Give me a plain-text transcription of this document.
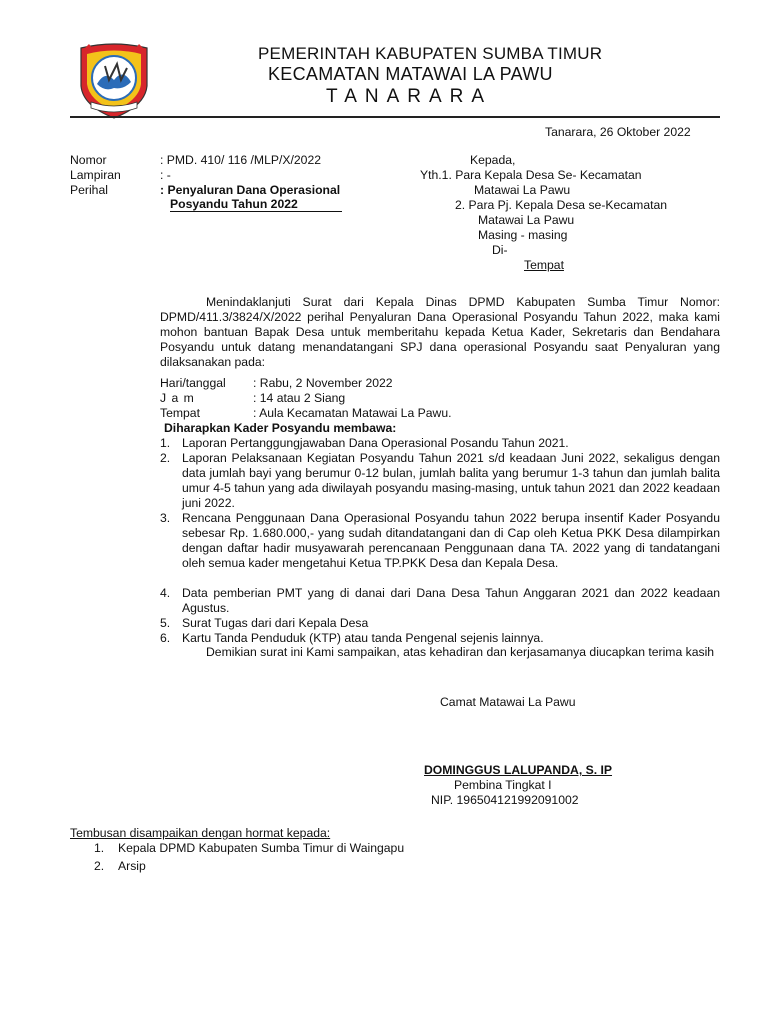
PEMERINTAH KABUPATEN SUMBA TIMUR
KECAMATAN MATAWAI LA PAWU
TANARARA
Tanarara, 26 Oktober 2022
Nomor	: PMD. 410/ 116 /MLP/X/2022
Lampiran	: -
Perihal	: Penyaluran Dana Operasional
Posyandu Tahun 2022
Kepada,
Yth.1. Para Kepala Desa Se- Kecamatan
Matawai La Pawu
2. Para Pj. Kepala Desa se-Kecamatan
Matawai La Pawu
Masing - masing
Di-
Tempat
Menindaklanjuti Surat dari Kepala Dinas DPMD Kabupaten Sumba Timur Nomor: DPMD/411.3/3824/X/2022 perihal Penyaluran Dana Operasional Posyandu Tahun 2022, maka kami mohon bantuan Bapak Desa untuk memberitahu kepada Ketua Kader, Sekretaris dan Bendahara Posyandu untuk datang menandatangani SPJ dana operasional Posyandu saat Penyaluran yang dilaksanakan pada:
Hari/tanggal : Rabu, 2 November 2022
J a m	: 14 atau 2 Siang
Tempat	: Aula Kecamatan Matawai La Pawu.
Diharapkan Kader Posyandu membawa:
1. Laporan Pertanggungjawaban Dana Operasional Posandu Tahun 2021.
2. Laporan Pelaksanaan Kegiatan Posyandu Tahun 2021 s/d keadaan Juni 2022, sekaligus dengan data jumlah bayi yang berumur 0-12 bulan, jumlah balita yang berumur 1-3 tahun dan jumlah balita umur 4-5 tahun yang ada diwilayah posyandu masing-masing, untuk tahun 2021 dan 2022 keadaan juni 2022.
3. Rencana Penggunaan Dana Operasional Posyandu tahun 2022 berupa insentif Kader Posyandu sebesar Rp. 1.680.000,- yang sudah ditandatangani dan di Cap oleh Ketua PKK Desa dilampirkan dengan daftar hadir musyawarah perencanaan Penggunaan dana TA. 2022 yang di tandatangani oleh semua kader mengetahui Ketua TP.PKK Desa dan Kepala Desa.
4. Data pemberian PMT yang di danai dari Dana Desa Tahun Anggaran 2021 dan 2022 keadaan Agustus.
5. Surat Tugas dari dari Kepala Desa
6. Kartu Tanda Penduduk (KTP) atau tanda Pengenal sejenis lainnya.
Demikian surat ini Kami sampaikan, atas kehadiran dan kerjasamanya diucapkan terima kasih
Camat Matawai La Pawu
DOMINGGUS LALUPANDA, S. IP
Pembina Tingkat I
NIP. 196504121992091002
Tembusan disampaikan dengan hormat kepada:
1. Kepala DPMD Kabupaten Sumba Timur di Waingapu
2. Arsip
